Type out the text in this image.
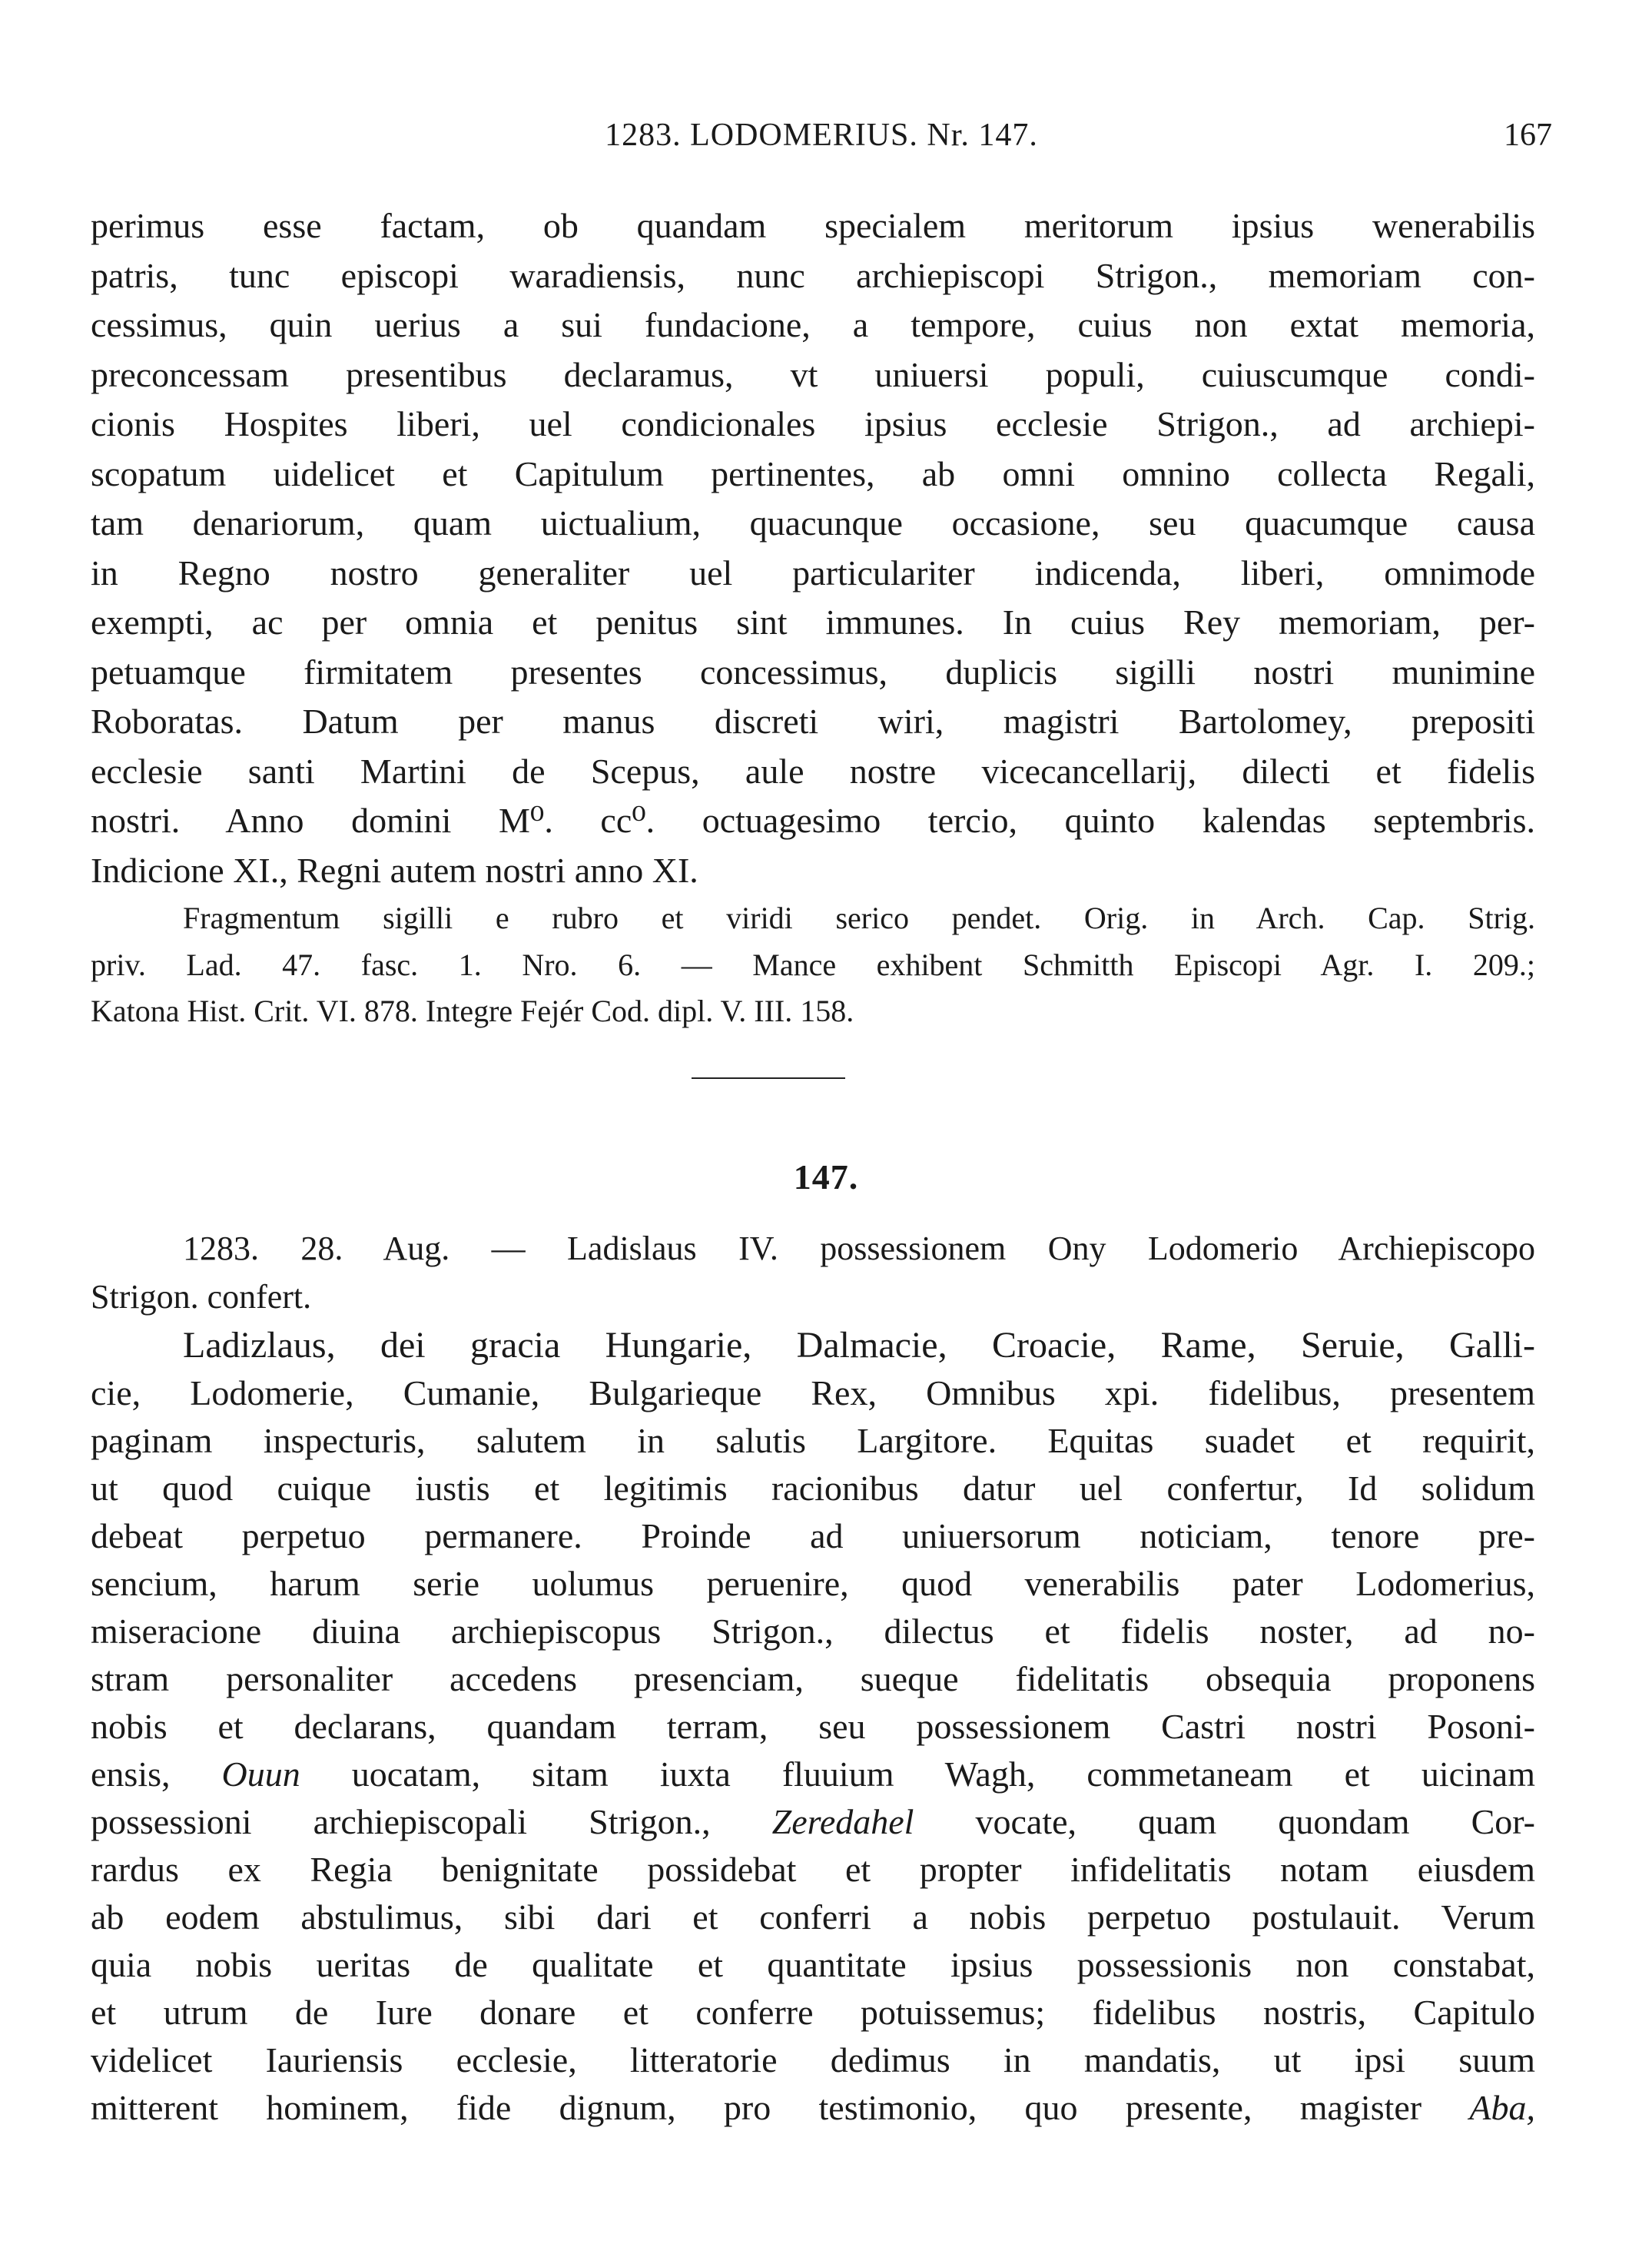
1283. LODOMERIUS. Nr. 147.	167
perimus esse factam, ob quandam specialem meritorum ipsius wenerabilis
patris, tunc episcopi waradiensis, nunc archiepiscopi Strigon., memoriam con-
cessimus, quin uerius a sui fundacione, a tempore, cuius non extat memoria,
preconcessam presentibus declaramus, vt uniuersi populi, cuiuscumque condi-
cionis Hospites liberi, uel condicionales ipsius ecclesie Strigon., ad archiepi-
scopatum uidelicet et Capitulum pertinentes, ab omni omnino collecta Regali,
tam denariorum, quam uictualium, quacunque occasione, seu quacumque causa
in Regno nostro generaliter uel particulariter indicenda, liberi, omnimode
exempti, ac per omnia et penitus sint immunes. In cuius Rey memoriam, per-
petuamque firmitatem presentes concessimus, duplicis sigilli nostri munimine
Roboratas. Datum per manus discreti wiri, magistri Bartolomey, prepositi
ecclesie santi Martini de Scepus, aule nostre vicecancellarij, dilecti et fidelis
nostri. Anno domini M⁰. cc⁰. octuagesimo tercio, quinto kalendas septembris.
Indicione XI., Regni autem nostri anno XI.
Fragmentum sigilli e rubro et viridi serico pendet. Orig. in Arch. Cap. Strig.
priv. Lad. 47. fasc. 1. Nro. 6. — Mance exhibent Schmitth Episcopi Agr. I. 209.;
Katona Hist. Crit. VI. 878. Integre Fejér Cod. dipl. V. III. 158.
147.
1283. 28. Aug. — Ladislaus IV. possessionem Ony Lodomerio Archiepiscopo
Strigon. confert.
Ladizlaus, dei gracia Hungarie, Dalmacie, Croacie, Rame, Seruie, Galli-
cie, Lodomerie, Cumanie, Bulgarieque Rex, Omnibus xpi. fidelibus, presentem
paginam inspecturis, salutem in salutis Largitore. Equitas suadet et requirit,
ut quod cuique iustis et legitimis racionibus datur uel confertur, Id solidum
debeat perpetuo permanere. Proinde ad uniuersorum noticiam, tenore pre-
sencium, harum serie uolumus peruenire, quod venerabilis pater Lodomerius,
miseracione diuina archiepiscopus Strigon., dilectus et fidelis noster, ad no-
stram personaliter accedens presenciam, sueque fidelitatis obsequia proponens
nobis et declarans, quandam terram, seu possessionem Castri nostri Posoni-
ensis, Ouun uocatam, sitam iuxta fluuium Wagh, commetaneam et uicinam
possessioni archiepiscopali Strigon., Zeredahel vocate, quam quondam Cor-
rardus ex Regia benignitate possidebat et propter infidelitatis notam eiusdem
ab eodem abstulimus, sibi dari et conferri a nobis perpetuo postulauit. Verum
quia nobis ueritas de qualitate et quantitate ipsius possessionis non constabat,
et utrum de Iure donare et conferre potuissemus; fidelibus nostris, Capitulo
videlicet Iauriensis ecclesie, litteratorie dedimus in mandatis, ut ipsi suum
mitterent hominem, fide dignum, pro testimonio, quo presente, magister Aba,
